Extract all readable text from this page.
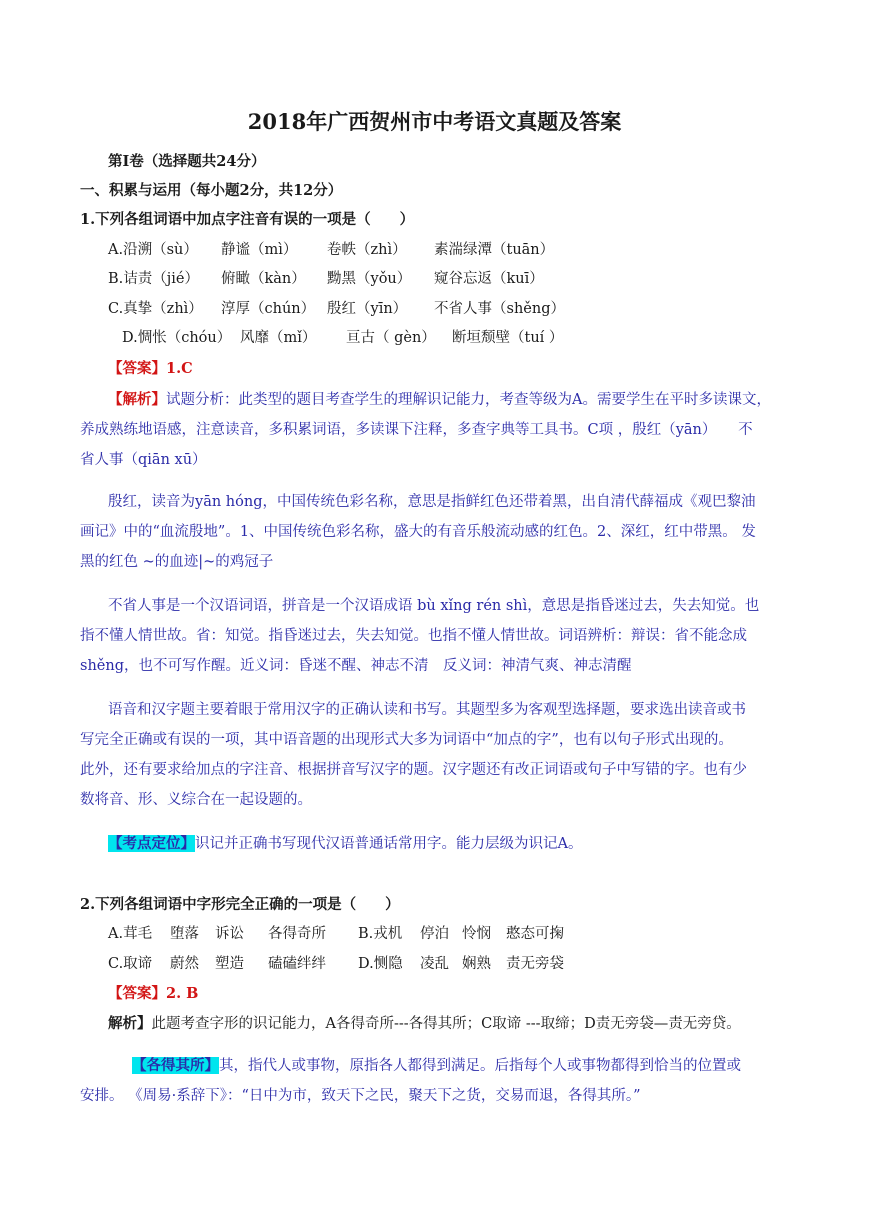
2018年广西贺州市中考语文真题及答案
第Ⅰ卷（选择题共24分）
一、积累与运用（每小题2分，共12分）
1.下列各组词语中加点字注音有误的一项是（　　）
A.沿溯（sù） 静谧（mì） 卷帙（zhì） 素湍绿潭（tuān）
B.诘责（jié） 俯瞰（kàn） 黝黑（yǒu） 窥谷忘返（kuī）
C.真挚（zhì） 淳厚（chún） 殷红（yīn） 不省人事（shěng）
D.惆怅（chóu） 风靡（mǐ） 亘古（ gèn） 断垣颓壁（tuí ）
【答案】1.C
【解析】试题分析：此类型的题目考查学生的理解识记能力，考查等级为A。需要学生在平时多读课文，
养成熟练地语感，注意读音，多积累词语，多读课下注释，多查字典等工具书。C项 ，殷红（yān）　　不
省人事（qiān xū）
殷红，读音为yān hóng，中国传统色彩名称，意思是指鲜红色还带着黑，出自清代薛福成《观巴黎油
画记》中的“血流殷地”。1、中国传统色彩名称，盛大的有音乐般流动感的红色。2、深红，红中带黑。 发
黑的红色 ~的血迹|~的鸡冠子
不省人事是一个汉语词语，拼音是一个汉语成语 bù xǐng rén shì，意思是指昏迷过去，失去知觉。也
指不懂人情世故。省：知觉。指昏迷过去，失去知觉。也指不懂人情世故。词语辨析：辩误：省不能念成
shěng，也不可写作醒。近义词：昏迷不醒、神志不清　反义词：神清气爽、神志清醒
语音和汉字题主要着眼于常用汉字的正确认读和书写。其题型多为客观型选择题，要求选出读音或书
写完全正确或有误的一项，其中语音题的出现形式大多为词语中“加点的字”，也有以句子形式出现的。
此外，还有要求给加点的字注音、根据拼音写汉字的题。汉字题还有改正词语或句子中写错的字。也有少
数将音、形、义综合在一起设题的。
【考点定位】识记并正确书写现代汉语普通话常用字。能力层级为识记A。
2.下列各组词语中字形完全正确的一项是（　　）
A.茸毛 堕落 诉讼 各得奇所 B.戎机 停泊 怜悯 憨态可掬
C.取谛 蔚然 塑造 磕磕绊绊 D.恻隐 凌乱 娴熟 责无旁袋
【答案】2. B
解析】此题考查字形的识记能力，A各得奇所---各得其所；C取谛 ---取缔；D责无旁袋—责无旁贷。
【各得其所】其，指代人或事物，原指各人都得到满足。后指每个人或事物都得到恰当的位置或
安排。 《周易·系辞下》：“日中为市，致天下之民，聚天下之货，交易而退，各得其所。”
